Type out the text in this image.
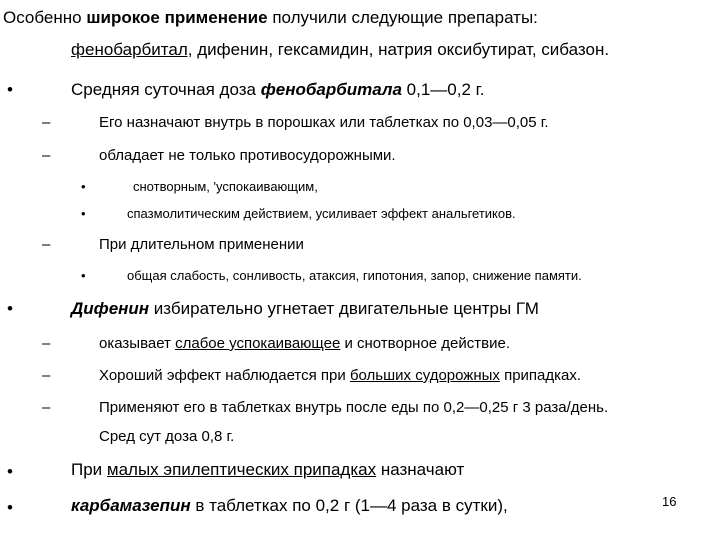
Особенно широкое применение получили следующие препараты:
фенобарбитал, дифенин, гексамидин, натрия оксибутират, сибазон.
•	Средняя суточная доза фенобарбитала 0,1—0,2 г.
–	Его назначают внутрь в порошках или таблетках по 0,03—0,05 г.
–	обладает не только противосудорожными.
•	снотворным, 'успокаивающим,
•	спазмолитическим действием, усиливает эффект анальгетиков.
–	При длительном применении
•	общая слабость, сонливость, атаксия, гипотония, запор, снижение памяти.
•	Дифенин избирательно угнетает двигательные центры ГМ
–	оказывает слабое успокаивающее и снотворное действие.
–	Хороший эффект наблюдается при больших судорожных припадках.
–	Применяют его в таблетках внутрь после еды по 0,2—0,25 г 3 раза/день.
Сред сут доза 0,8 г.
•	При малых эпилептических припадках назначают
•	карбамазепин в таблетках по 0,2 г (1—4 раза в сутки),	16
